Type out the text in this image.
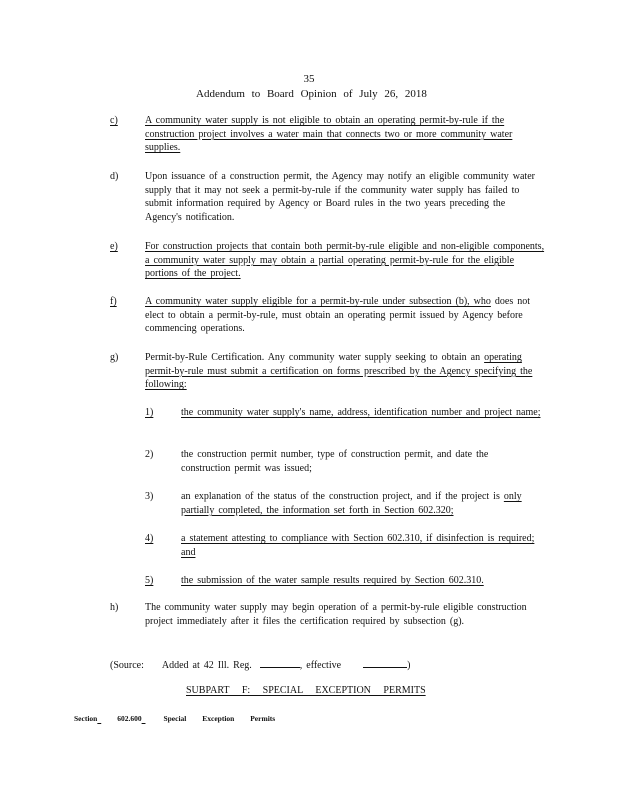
35
Addendum to Board Opinion of July 26, 2018
c)	A community water supply is not eligible to obtain an operating permit-by-rule if the construction project involves a water main that connects two or more community water supplies.
d)	Upon issuance of a construction permit, the Agency may notify an eligible community water supply that it may not seek a permit-by-rule if the community water supply has failed to submit information required by Agency or Board rules in the two years preceding the Agency's notification.
e)	For construction projects that contain both permit-by-rule eligible and non-eligible components, a community water supply may obtain a partial operating permit-by-rule for the eligible portions of the project.
f)	A community water supply eligible for a permit-by-rule under subsection (b), who does not elect to obtain a permit-by-rule, must obtain an operating permit issued by Agency before commencing operations.
g)	Permit-by-Rule Certification. Any community water supply seeking to obtain an operating permit-by-rule must submit a certification on forms prescribed by the Agency specifying the following:
1)	the community water supply's name, address, identification number and project name;
2)	the construction permit number, type of construction permit, and date the construction permit was issued;
3)	an explanation of the status of the construction project, and if the project is only partially completed, the information set forth in Section 602.320;
4)	a statement attesting to compliance with Section 602.310, if disinfection is required; and
5)	the submission of the water sample results required by Section 602.310.
h)	The community water supply may begin operation of a permit-by-rule eligible construction project immediately after it files the certification required by subsection (g).
(Source: Added at 42 Ill. Reg.	, effective	)
SUBPART F: SPECIAL EXCEPTION PERMITS
Section	602.600	Special Exception Permits
